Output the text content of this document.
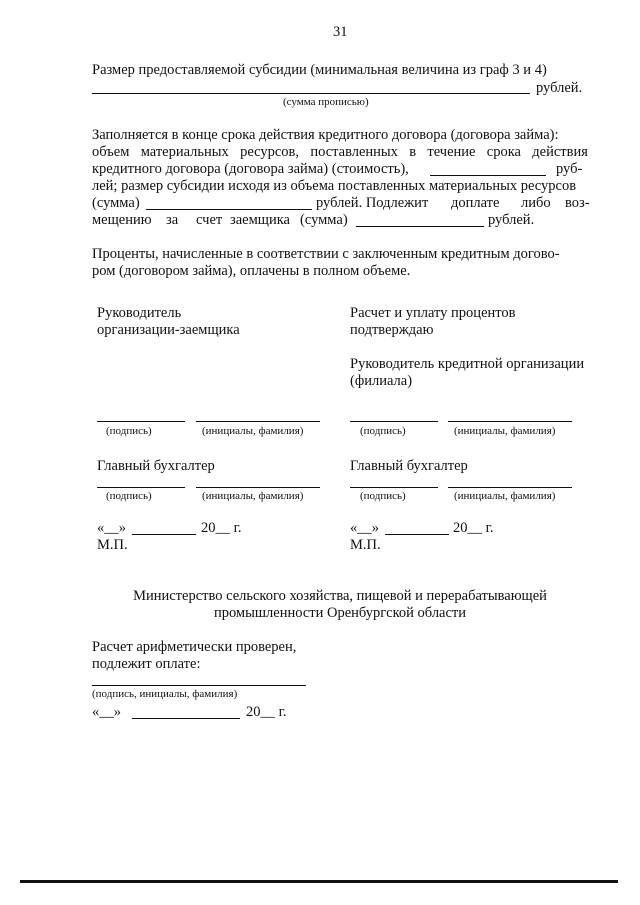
31
Размер предоставляемой субсидии (минимальная величина из граф 3 и 4)
рублей.
(сумма прописью)
Заполняется в конце срока действия кредитного договора (договора займа):
объем материальных ресурсов, поставленных в течение срока действия
кредитного договора (договора займа) (стоимость),	руб-
лей; размер субсидии исходя из объема поставленных материальных ресурсов
(сумма)	рублей. Подлежит доплате либо воз-
мещению за счет заемщика (сумма)	рублей.
Проценты, начисленные в соответствии с заключенным кредитным догово-
ром (договором займа), оплачены в полном объеме.
Руководитель
организации-заемщика
(подпись)	(инициалы, фамилия)
Главный бухгалтер
(подпись)	(инициалы, фамилия)
«__»	20__ г.
М.П.
Расчет и уплату процентов
подтверждаю
Руководитель кредитной организации
(филиала)
(подпись)	(инициалы, фамилия)
Главный бухгалтер
(подпись)	(инициалы, фамилия)
«__»	20__ г.
М.П.
Министерство сельского хозяйства, пищевой и перерабатывающей
промышленности Оренбургской области
Расчет арифметически проверен,
подлежит оплате:
(подпись, инициалы, фамилия)
«__»	20__ г.
